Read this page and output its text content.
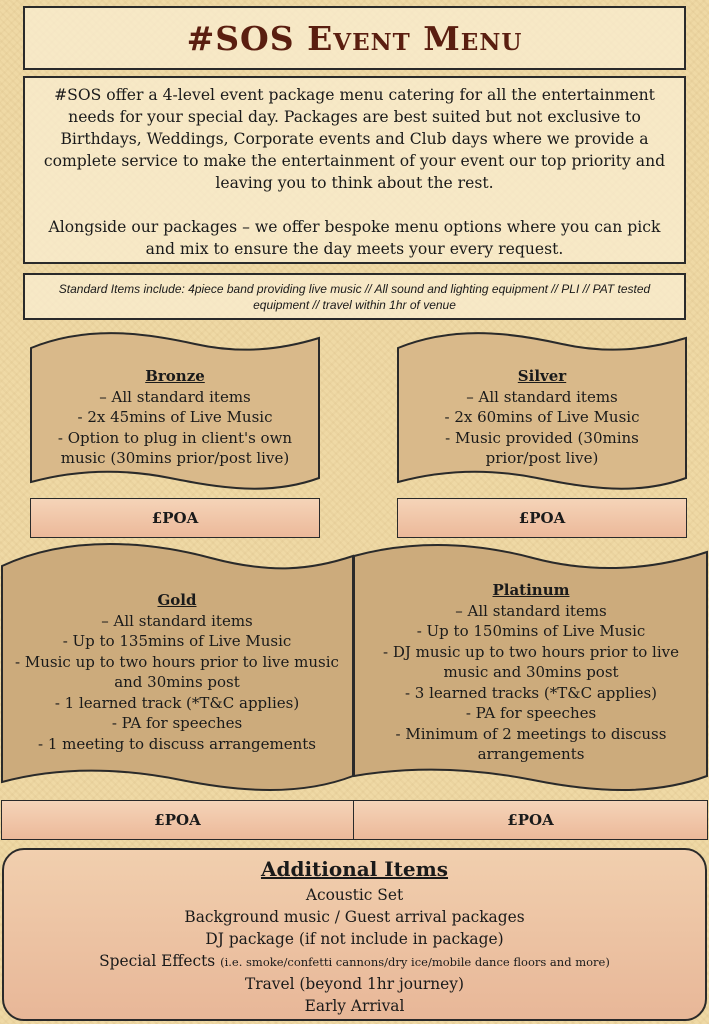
#SOS Event Menu

#SOS offer a 4-level event package menu catering for all the entertainment needs for your special day. Packages are best suited but not exclusive to Birthdays, Weddings, Corporate events and Club days where we provide a complete service to make the entertainment of your event our top priority and leaving you to think about the rest.

Alongside our packages – we offer bespoke menu options where you can pick and mix to ensure the day meets your every request.

Standard Items include: 4piece band providing live music // All sound and lighting equipment // PLI // PAT tested equipment // travel within 1hr of venue
Bronze
– All standard items
- 2x 45mins of Live Music
- Option to plug in client's own music (30mins prior/post live)
£POA
Silver
– All standard items
- 2x 60mins of Live Music
- Music provided (30mins prior/post live)
£POA
Gold
– All standard items
- Up to 135mins of Live Music
- Music up to two hours prior to live music and 30mins post
- 1 learned track (*T&C applies)
- PA for speeches
- 1 meeting to discuss arrangements
Platinum
– All standard items
- Up to 150mins of Live Music
- DJ music up to two hours prior to live music and 30mins post
- 3 learned tracks (*T&C applies)
- PA for speeches
- Minimum of 2 meetings to discuss arrangements
£POA	£POA
Additional Items
Acoustic Set
Background music / Guest arrival packages
DJ package (if not include in package)
Special Effects (i.e. smoke/confetti cannons/dry ice/mobile dance floors and more)
Travel (beyond 1hr journey)
Early Arrival
